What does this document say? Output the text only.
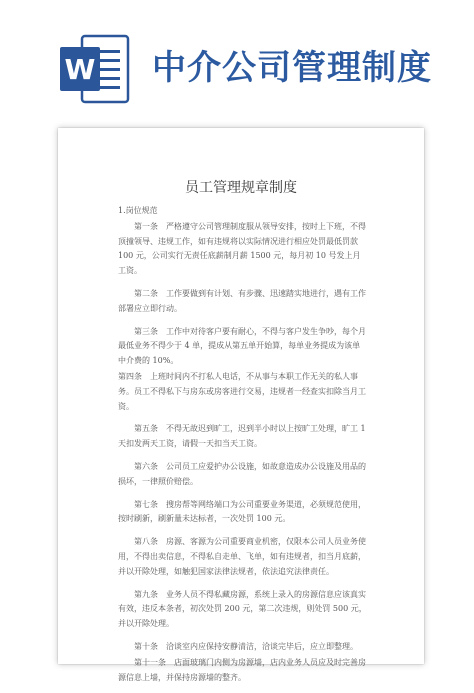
W 中介公司管理制度
员工管理规章制度

1.岗位规范

第一条　严格遵守公司管理制度服从领导安排，按时上下班，不得顶撞领导、违规工作，如有违规将以实际情况进行相应处罚最低罚款 100 元，公司实行无责任底薪制月薪 1500 元，每月初 10 号发上月工资。

第二条　工作要做到有计划、有步骤、迅速踏实地进行，遇有工作部署应立即行动。

第三条　工作中对待客户要有耐心，不得与客户发生争吵，每个月最低业务不得少于 4 单，提成从第五单开始算，每单业务提成为该单中介费的 10%。

第四条　上班时间内不打私人电话，不从事与本职工作无关的私人事务。员工不得私下与房东或房客进行交易，违规者一经查实扣除当月工资。

第五条　不得无故迟到旷工，迟到半小时以上按旷工处理，旷工 1 天扣发两天工资，请假一天扣当天工资。

第六条　公司员工应爱护办公设施，如故意造成办公设施及用品的损坏，一律照价赔偿。

第七条　搜房帮等网络端口为公司重要业务渠道，必须规范使用，按时刷新，刷新量未达标者，一次处罚 100 元。

第八条　房源、客源为公司重要商业机密，仅限本公司人员业务使用，不得出卖信息，不得私自走单、飞单，如有违规者，扣当月底薪，并以开除处理，如触犯国家法律法规者，依法追究法律责任。

第九条　业务人员不得私藏房源，系统上录入的房源信息应该真实有效，违反本条者，初次处罚 200 元，第二次违规，则处罚 500 元，并以开除处理。

第十条　洽谈室内应保持安静清洁，洽谈完毕后，应立即整理。

第十一条　店面玻璃门内侧为房源墙，店内业务人员应及时完善房源信息上墙，并保持房源墙的整齐。
